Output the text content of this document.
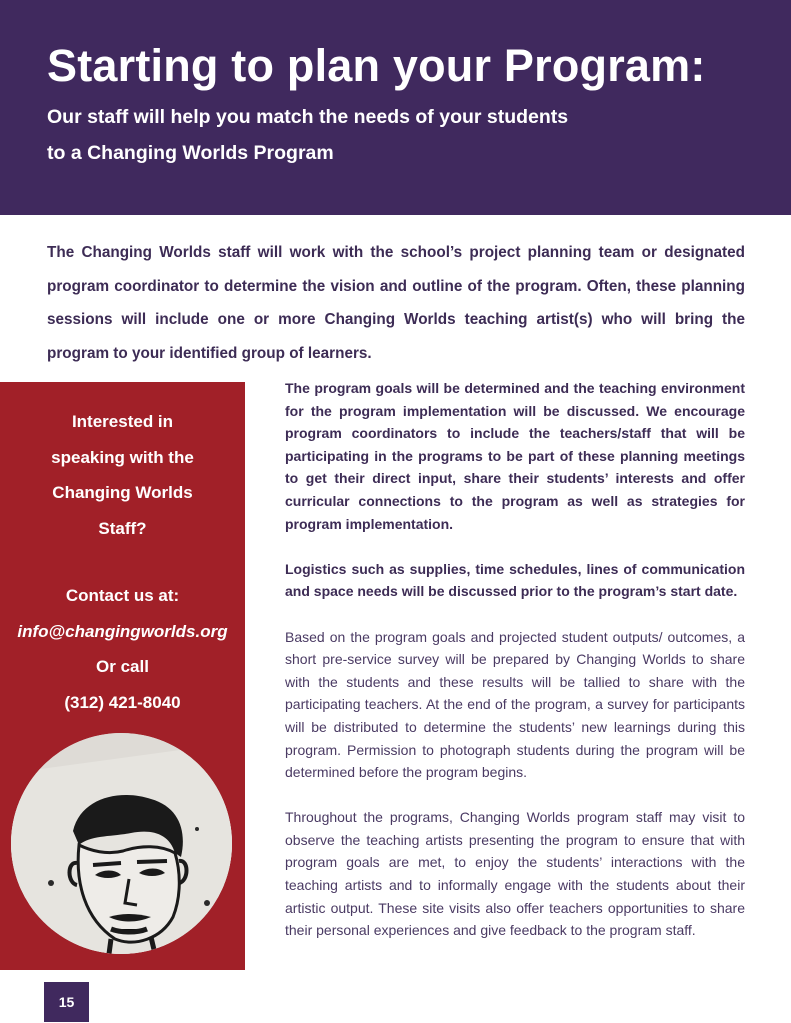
Starting to plan your Program:
Our staff will help you match the needs of your students
to a Changing Worlds Program

The Changing Worlds staff will work with the school’s project planning team or designated program coordinator to determine the vision and outline of the program. Often, these planning sessions will include one or more Changing Worlds teaching artist(s) who will bring the program to your identified group of learners.

Interested in
speaking with the
Changing Worlds
Staff?
Contact us at:
info@changingworlds.org
Or call
(312) 421-8040

The program goals will be determined and the teaching environment for the program implementation will be discussed. We encourage program coordinators to include the teachers/staff that will be participating in the programs to be part of these planning meetings to get their direct input, share their students’ interests and offer curricular connections to the program as well as strategies for program implementation.

Logistics such as supplies, time schedules, lines of communication and space needs will be discussed prior to the program’s start date.

Based on the program goals and projected student outputs/ outcomes, a short pre-service survey will be prepared by Changing Worlds to share with the students and these results will be tallied to share with the participating teachers. At the end of the program, a survey for participants will be distributed to determine the students’ new learnings during this program. Permission to photograph students during the program will be determined before the program begins.

Throughout the programs, Changing Worlds program staff may visit to observe the teaching artists presenting the program to ensure that with program goals are met, to enjoy the students’ interactions with the teaching artists and to informally engage with the students about their artistic output. These site visits also offer teachers opportunities to share their personal experiences and give feedback to the program staff.

15
